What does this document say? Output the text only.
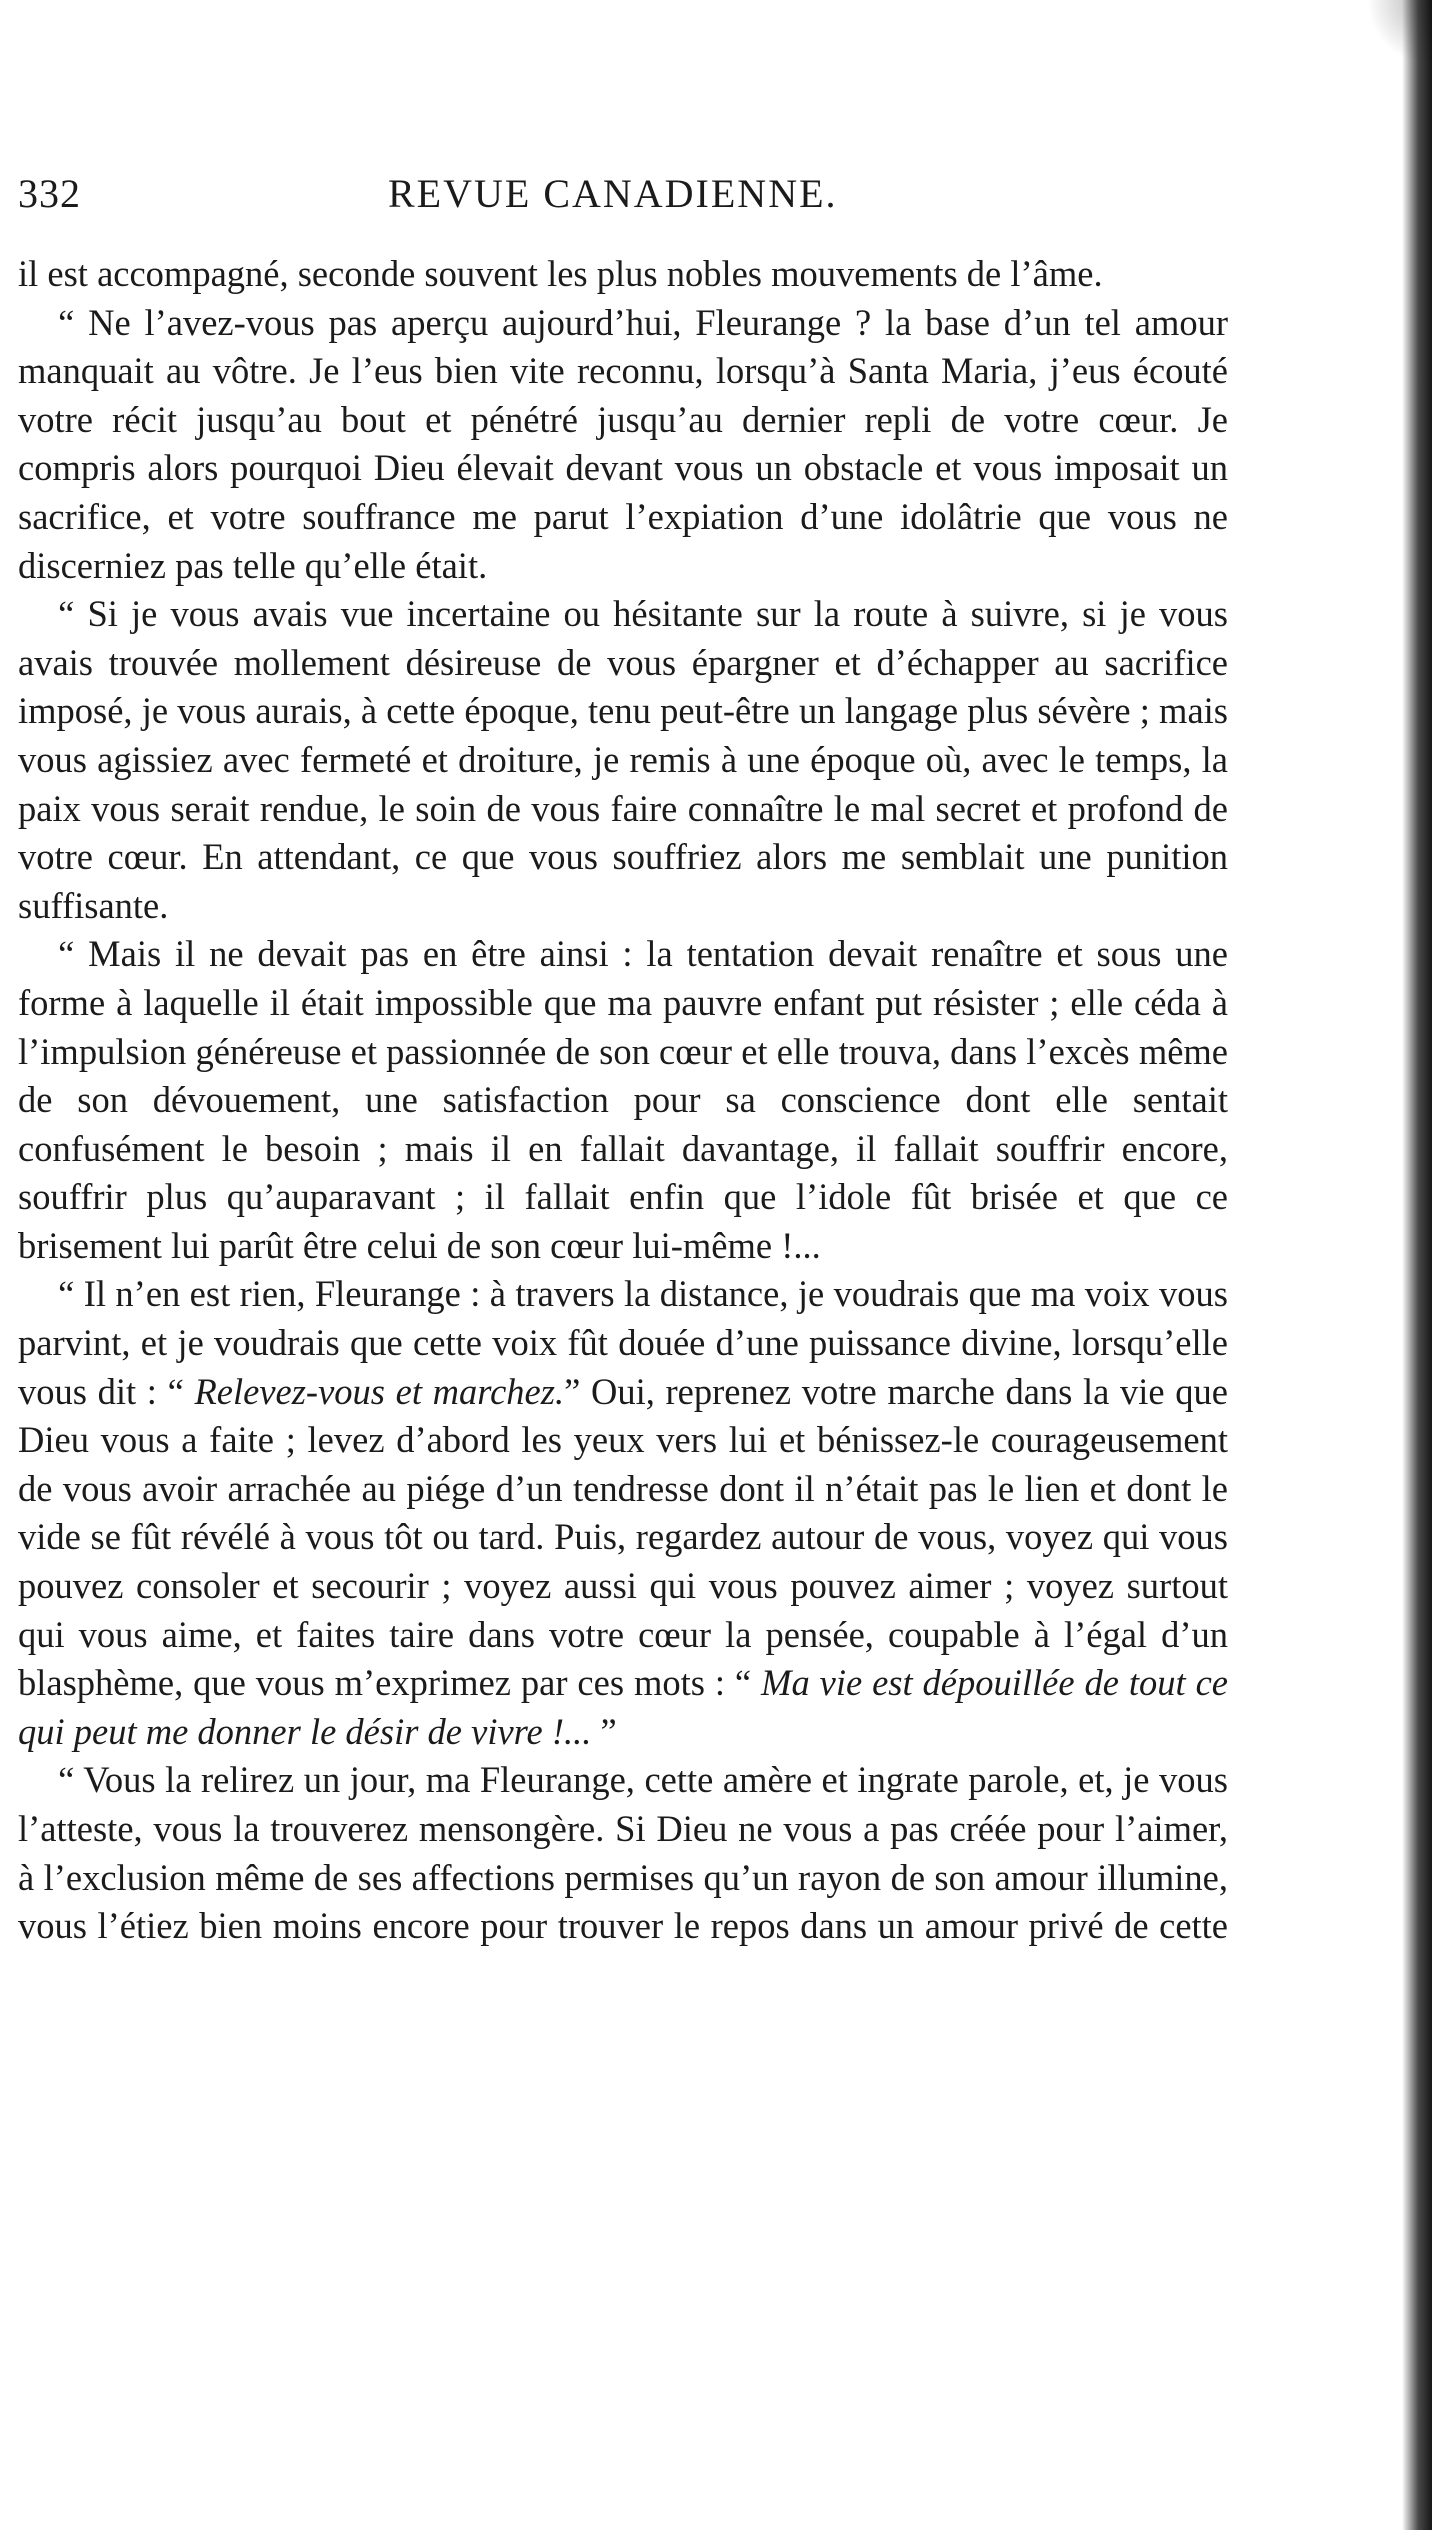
332	REVUE CANADIENNE.

il est accompagné, seconde souvent les plus nobles mouvements de l’âme.

“ Ne l’avez-vous pas aperçu aujourd’hui, Fleurange ? la base d’un tel amour manquait au vôtre. Je l’eus bien vite reconnu, lorsqu’à Santa Maria, j’eus écouté votre récit jusqu’au bout et pénétré jusqu’au dernier repli de votre cœur. Je compris alors pourquoi Dieu élevait devant vous un obstacle et vous imposait un sacrifice, et votre souffrance me parut l’expiation d’une idolâtrie que vous ne discerniez pas telle qu’elle était.

“ Si je vous avais vue incertaine ou hésitante sur la route à suivre, si je vous avais trouvée mollement désireuse de vous épargner et d’échapper au sacrifice imposé, je vous aurais, à cette époque, tenu peut-être un langage plus sévère ; mais vous agissiez avec fermeté et droiture, je remis à une époque où, avec le temps, la paix vous serait rendue, le soin de vous faire connaître le mal secret et profond de votre cœur. En attendant, ce que vous souffriez alors me semblait une punition suffisante.

“ Mais il ne devait pas en être ainsi : la tentation devait renaître et sous une forme à laquelle il était impossible que ma pauvre enfant put résister ; elle céda à l’impulsion généreuse et passionnée de son cœur et elle trouva, dans l’excès même de son dévouement, une satisfaction pour sa conscience dont elle sentait confusément le besoin ; mais il en fallait davantage, il fallait souffrir encore, souffrir plus qu’auparavant ; il fallait enfin que l’idole fût brisée et que ce brisement lui parût être celui de son cœur lui-même !...

“ Il n’en est rien, Fleurange : à travers la distance, je voudrais que ma voix vous parvint, et je voudrais que cette voix fût douée d’une puissance divine, lorsqu’elle vous dit : “ Relevez-vous et marchez.” Oui, reprenez votre marche dans la vie que Dieu vous a faite ; levez d’abord les yeux vers lui et bénissez-le courageusement de vous avoir arrachée au piége d’un tendresse dont il n’était pas le lien et dont le vide se fût révélé à vous tôt ou tard. Puis, regardez autour de vous, voyez qui vous pouvez consoler et secourir ; voyez aussi qui vous pouvez aimer ; voyez surtout qui vous aime, et faites taire dans votre cœur la pensée, coupable à l’égal d’un blasphème, que vous m’exprimez par ces mots : “ Ma vie est dépouillée de tout ce qui peut me donner le désir de vivre !... ”

“ Vous la relirez un jour, ma Fleurange, cette amère et ingrate parole, et, je vous l’atteste, vous la trouverez mensongère. Si Dieu ne vous a pas créée pour l’aimer, à l’exclusion même de ses affections permises qu’un rayon de son amour illumine, vous l’étiez bien moins encore pour trouver le repos dans un amour privé de cette
